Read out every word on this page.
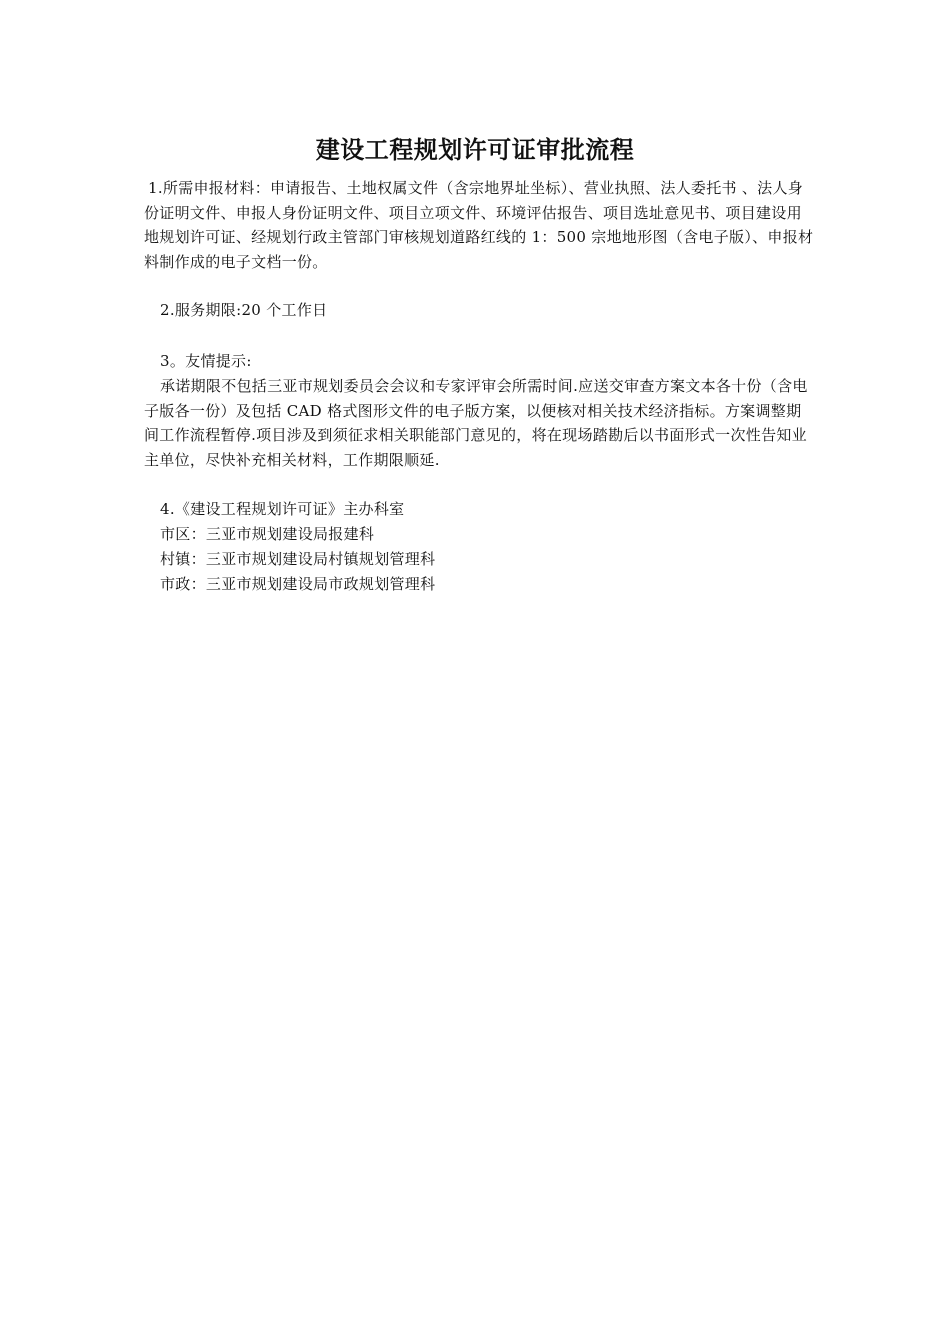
建设工程规划许可证审批流程
1.所需申报材料：申请报告、土地权属文件（含宗地界址坐标）、营业执照、法人委托书 、法人身份证明文件、申报人身份证明文件、项目立项文件、环境评估报告、项目选址意见书、项目建设用地规划许可证、经规划行政主管部门审核规划道路红线的 1：500 宗地地形图（含电子版）、申报材料制作成的电子文档一份。
2.服务期限:20 个工作日
3。友情提示:
承诺期限不包括三亚市规划委员会会议和专家评审会所需时间.应送交审查方案文本各十份（含电子版各一份）及包括 CAD 格式图形文件的电子版方案，以便核对相关技术经济指标。方案调整期间工作流程暂停.项目涉及到须征求相关职能部门意见的，将在现场踏勘后以书面形式一次性告知业主单位，尽快补充相关材料，工作期限顺延.
4.《建设工程规划许可证》主办科室
市区：三亚市规划建设局报建科
村镇：三亚市规划建设局村镇规划管理科
市政：三亚市规划建设局市政规划管理科
